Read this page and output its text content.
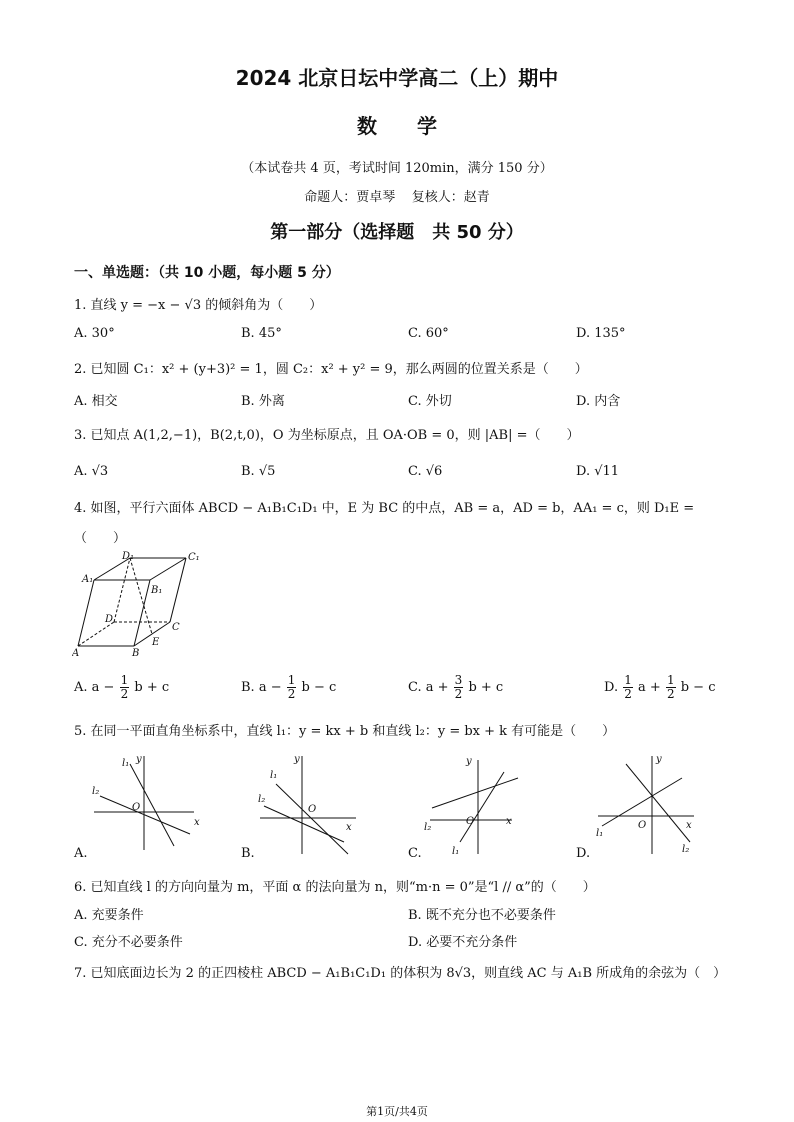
2024 北京日坛中学高二（上）期中
数学
（本试卷共 4 页，考试时间 120min，满分 150 分）
命题人：贾卓琴    复核人：赵青
第一部分（选择题　共 50 分）
一、单选题：（共 10 小题，每小题 5 分）
1. 直线 y = −x − √3 的倾斜角为（　　）
A. 30°	B. 45°	C. 60°	D. 135°
2. 已知圆 C₁：x² + (y+3)² = 1，圆 C₂：x² + y² = 9，那么两圆的位置关系是（　　）
A. 相交	B. 外离	C. 外切	D. 内含
3. 已知点 A(1,2,−1)，B(2,t,0)，O 为坐标原点，且 OA·OB = 0，则 |AB| =（　　）
A. √3	B. √5	C. √6	D. √11
4. 如图，平行六面体 ABCD − A₁B₁C₁D₁ 中，E 为 BC 的中点，AB = a，AD = b，AA₁ = c，则 D₁E =
（　　）
D₁	C₁
A₁
B₁
D
C
E
A	B
A. $a - \frac{1}{2}$ b + c	B. $a - \frac{1}{2}$ b − c	C. $a + \frac{3}{2}$ b + c	D. $\frac{1}{2}$ $a + \frac{1}{2}$ b − c
5. 在同一平面直角坐标系中，直线 l₁：y = kx + b 和直线 l₂：y = bx + k 有可能是（　　）
x
y
O
l₁
l₂
A.
x
y
O
l₁
l₂
B.
x
y
O
l₁
l₂
C.
x
y
O
l₁
l₂
D.
6. 已知直线 l 的方向向量为 m，平面 α 的法向量为 n，则“m·n = 0”是“l // α”的（　　）
A. 充要条件	B. 既不充分也不必要条件
C. 充分不必要条件	D. 必要不充分条件
7. 已知底面边长为 2 的正四棱柱 ABCD − A₁B₁C₁D₁ 的体积为 8√3，则直线 AC 与 A₁B 所成角的余弦为（　）
第1页/共4页
